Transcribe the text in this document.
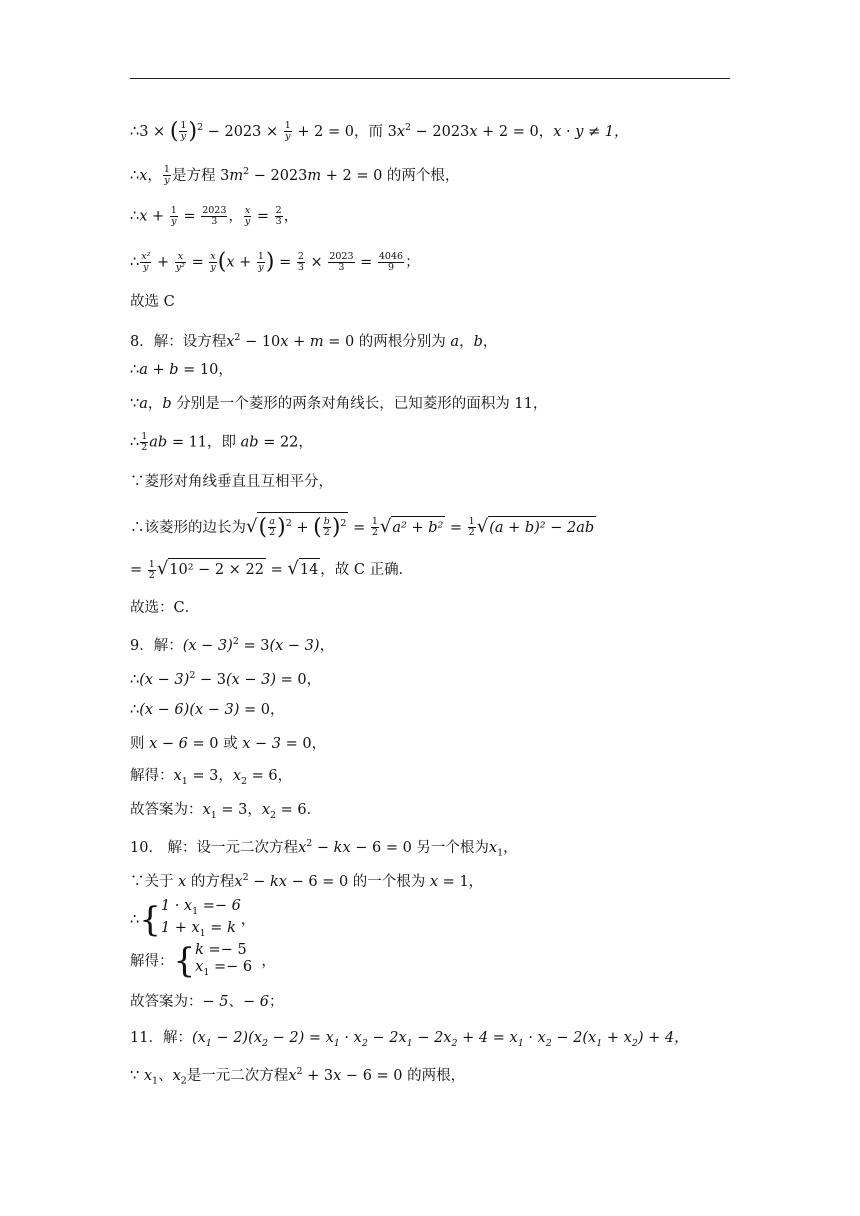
∴3 × ( $\frac{1}{y} )^2 - 2023 \times \frac{1}{y} + 2 = 0$，而 $3x^2 - 2023x + 2 = 0$，x · y ≠ 1，
∴x， $\frac{1}{y}$ 是方程 $3m^2 - 2023m + 2 = 0$ 的两个根，
∴x + $\frac{1}{y} = \frac{2023}{3}$ ， $\frac{x}{y} = \frac{2}{3}$ ，
∴ $\frac{\text{x²}}{y} + \frac{x}{\text{y²}} = \frac{x}{y} (x + \frac{1}{y}$ ) = $\frac{2}{3} \times \frac{2023}{3} = \frac{4046}{9}$ ；
故选 C
8．解：设方程$x^2 - 10x + m = 0$ 的两根分别为 a，b，
∴a + b = 10，
∵a，b 分别是一个菱形的两条对角线长，已知菱形的面积为 11，
∴ $\frac{1}{2}$ ab = 11，即 ab = 22，
∵菱形对角线垂直且互相平分，
∴该菱形的边长为√( $\frac{a}{2} )^2$ + ( $\frac{b}{2} )^2 = \frac{1}{2} √a^2 + b^2 = \frac{1}{2} √(a + b)^2 - 2ab$
= $\frac{1}{2} √10^2 - 2 \times 22 = √14$ ，故 C 正确．
故选：C．
9．解：$(x - 3)^2 = 3(x - 3)$，
∴(x − 3)$^2$ − 3(x − 3) = 0，
∴(x − 6)(x − 3) = 0，
则 x − 6 = 0 或 x − 3 = 0，
解得：$x_1 = 3$，$x_2 = 6$，
故答案为：$x_1 = 3$，$x_2 = 6$．
10． 解：设一元二次方程$x^2$ − kx − 6 = 0 另一个根为$x_1$，
∵关于 x 的方程$x^2$ − kx − 6 = 0 的一个根为 x = 1，
∴{1 · $x_1 =- 6$
$1 + x_1 = k$ ，
解得：{k =− 5
$x_1 =- 6$ ，
故答案为：− 5、− 6；
11．解：$(x_1 - 2)(x_2 - 2) = x_1 \cdot x_2 - 2x_1 - 2x_2 + 4 = x_1 \cdot x_2 - 2(x_1 + x_2) + 4$，
∵ $x_1$、$x_2$是一元二次方程$x^2 + 3x - 6 = 0$ 的两根，
